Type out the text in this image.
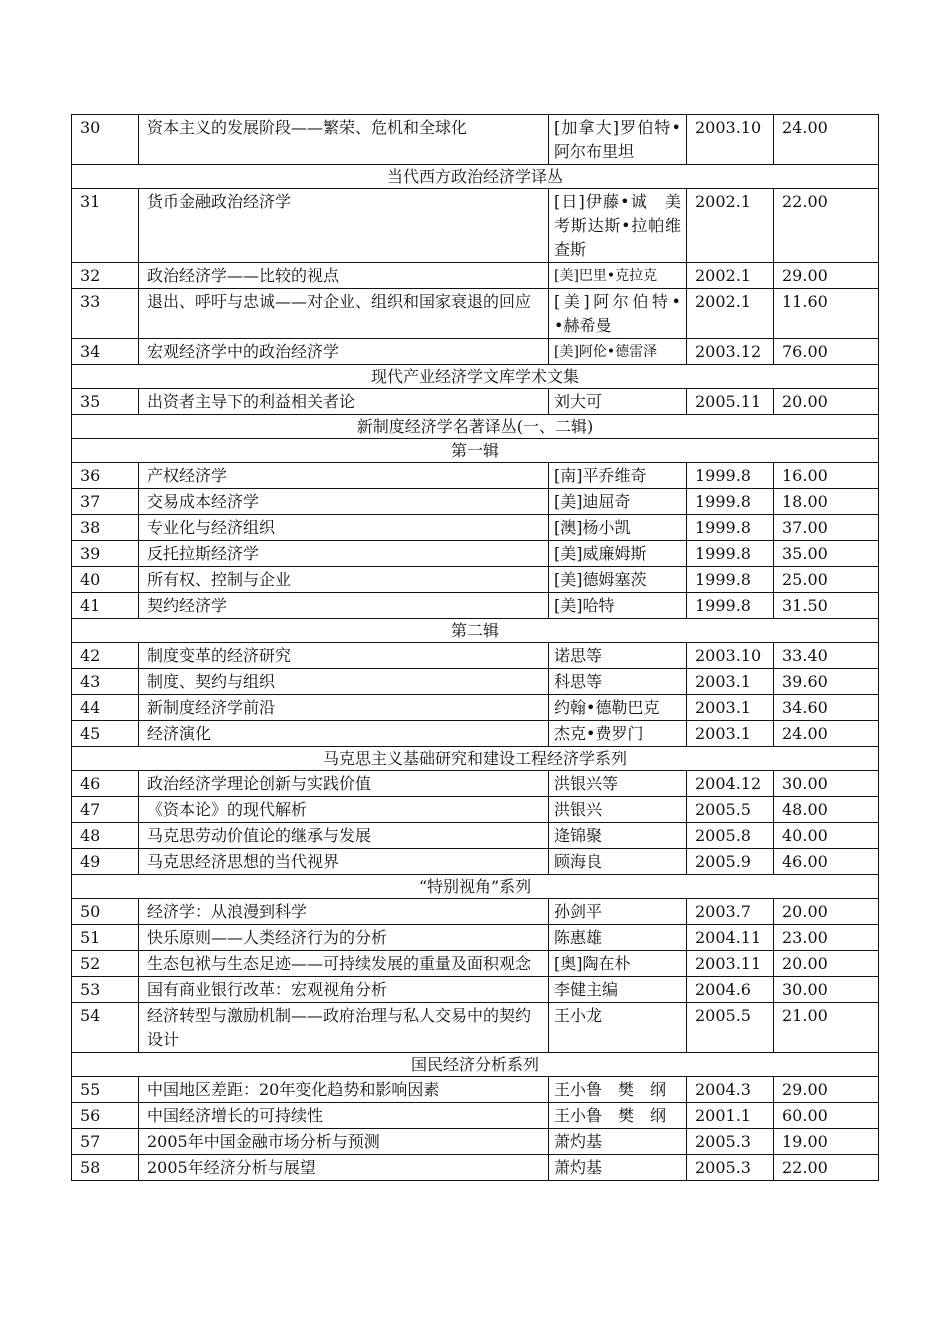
30	资本主义的发展阶段——繁荣、危机和全球化	[加拿大]罗伯特•阿尔布里坦	2003.10	24.00
当代西方政治经济学译丛				
31	货币金融政治经济学	[日]伊藤•诚　美　考斯达斯•拉帕维查斯	2002.1	22.00
32	政治经济学——比较的视点	[美]巴里•克拉克	2002.1	29.00
33	退出、呼吁与忠诚——对企业、组织和国家衰退的回应	[美]阿尔伯特•　•赫希曼	2002.1	11.60
34	宏观经济学中的政治经济学	[美]阿伦•德雷泽	2003.12	76.00
现代产业经济学文库学术文集				
35	出资者主导下的利益相关者论	刘大可	2005.11	20.00
新制度经济学名著译丛(一、二辑)				
第一辑				
36	产权经济学	[南]平乔维奇	1999.8	16.00
37	交易成本经济学	[美]迪屈奇	1999.8	18.00
38	专业化与经济组织	[澳]杨小凯	1999.8	37.00
39	反托拉斯经济学	[美]威廉姆斯	1999.8	35.00
40	所有权、控制与企业	[美]德姆塞茨	1999.8	25.00
41	契约经济学	[美]哈特	1999.8	31.50
第二辑				
42	制度变革的经济研究	诺思等	2003.10	33.40
43	制度、契约与组织	科思等	2003.1	39.60
44	新制度经济学前沿	约翰•德勒巴克	2003.1	34.60
45	经济演化	杰克•费罗门	2003.1	24.00
马克思主义基础研究和建设工程经济学系列				
46	政治经济学理论创新与实践价值	洪银兴等	2004.12	30.00
47	《资本论》的现代解析	洪银兴	2005.5	48.00
48	马克思劳动价值论的继承与发展	逄锦聚	2005.8	40.00
49	马克思经济思想的当代视界	顾海良	2005.9	46.00
“特别视角”系列				
50	经济学：从浪漫到科学	孙剑平	2003.7	20.00
51	快乐原则——人类经济行为的分析	陈惠雄	2004.11	23.00
52	生态包袱与生态足迹——可持续发展的重量及面积观念	[奥]陶在朴	2003.11	20.00
53	国有商业银行改革：宏观视角分析	李健主编	2004.6	30.00
54	经济转型与激励机制——政府治理与私人交易中的契约设计	王小龙	2005.5	21.00
国民经济分析系列				
55	中国地区差距：20年变化趋势和影响因素	王小鲁　樊　纲	2004.3	29.00
56	中国经济增长的可持续性	王小鲁　樊　纲	2001.1	60.00
57	2005年中国金融市场分析与预测	萧灼基	2005.3	19.00
58	2005年经济分析与展望	萧灼基	2005.3	22.00
